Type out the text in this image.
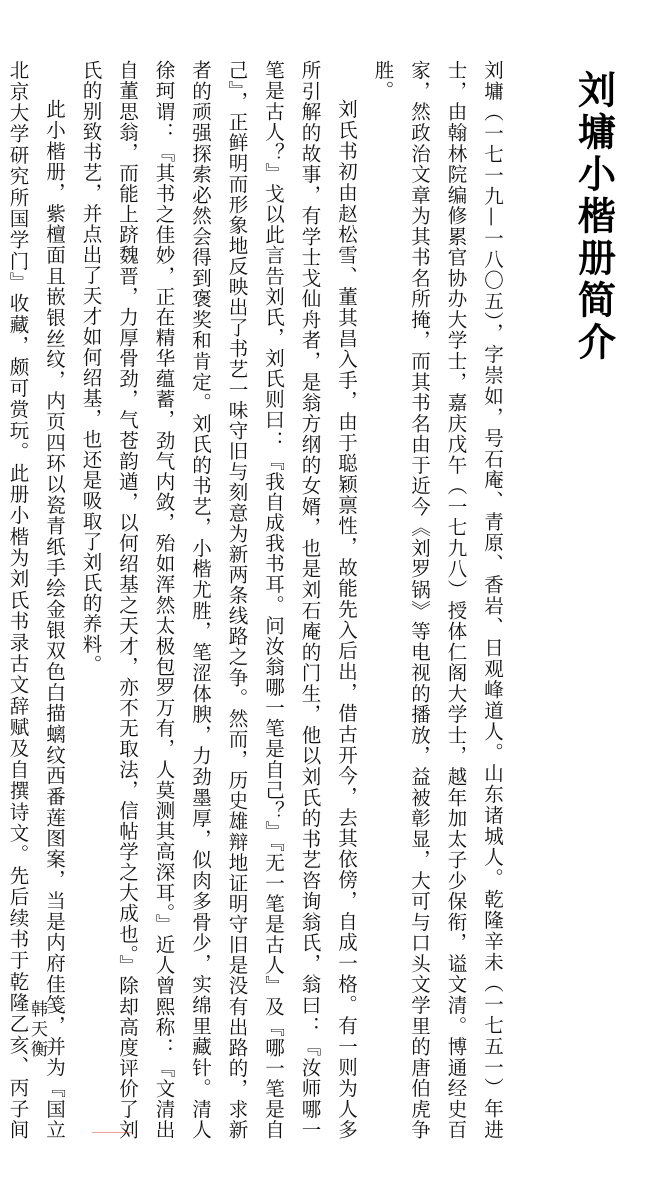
刘墉小楷册简介

刘墉（一七一九—一八〇五），字崇如，号石庵、青原、香岩、日观峰道人。山东诸城人。乾隆辛未（一七五一）年进士，由翰林院编修累官协办大学士，嘉庆戊午（一七九八）授体仁阁大学士，越年加太子少保衔，谥文清。博通经史百家，然政治文章为其书名所掩，而其书名由于近今《刘罗锅》等电视的播放，益被彰显，大可与口头文学里的唐伯虎争胜。

刘氏书初由赵松雪、董其昌入手，由于聪颖禀性，故能先入后出，借古开今，去其依傍，自成一格。有一则为人多所引解的故事，有学士戈仙舟者，是翁方纲的女婿，也是刘石庵的门生，他以刘氏的书艺咨询翁氏，翁曰：『汝师哪一笔是古人？』戈以此言告刘氏，刘氏则曰：『我自成我书耳。问汝翁哪一笔是自己？』『无一笔是古人』及『哪一笔是自己』，正鲜明而形象地反映出了书艺一味守旧与刻意为新两条线路之争。然而，历史雄辩地证明守旧是没有出路的，求新者的顽强探索必然会得到褒奖和肯定。刘氏的书艺，小楷尤胜，笔涩体腴，力劲墨厚，似肉多骨少，实绵里藏针。清人徐珂谓：『其书之佳妙，正在精华蕴蓄，劲气内敛，殆如浑然太极包罗万有，人莫测其高深耳。』近人曾熙称：『文清出自董思翁，而能上跻魏晋，力厚骨劲，气苍韵遒，以何绍基之天才，亦不无取法，信帖学之大成也。』除却高度评价了刘氏的别致书艺，并点出了天才如何绍基，也还是吸取了刘氏的养料。

此小楷册，紫檀面且嵌银丝纹，内页四环以瓷青纸手绘金银双色白描螭纹西番莲图案，当是内府佳笺，并为『国立北京大学研究所国学门』收藏，颇可赏玩。此册小楷为刘氏书录古文辞赋及自撰诗文。先后续书于乾隆乙亥、丙子间

韩天衡
